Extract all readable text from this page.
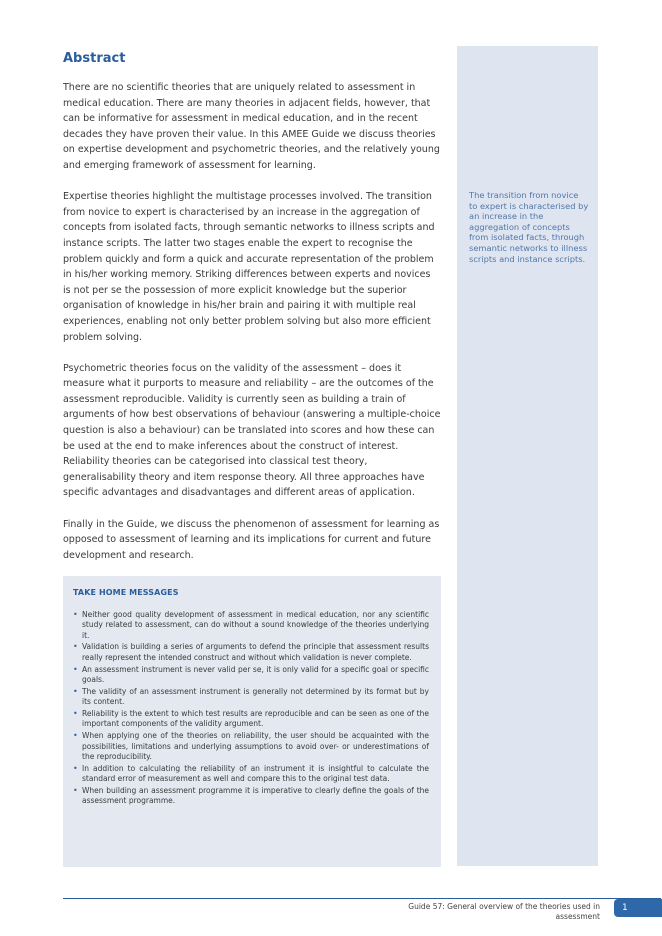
The transition from novice to expert is characterised by an increase in the aggregation of concepts from isolated facts, through semantic networks to illness scripts and instance scripts.

Abstract

There are no scientific theories that are uniquely related to assessment in medical education. There are many theories in adjacent fields, however, that can be informative for assessment in medical education, and in the recent decades they have proven their value. In this AMEE Guide we discuss theories on expertise development and psychometric theories, and the relatively young and emerging framework of assessment for learning.

Expertise theories highlight the multistage processes involved. The transition from novice to expert is characterised by an increase in the aggregation of concepts from isolated facts, through semantic networks to illness scripts and instance scripts. The latter two stages enable the expert to recognise the problem quickly and form a quick and accurate representation of the problem in his/her working memory. Striking differences between experts and novices is not per se the possession of more explicit knowledge but the superior organisation of knowledge in his/her brain and pairing it with multiple real experiences, enabling not only better problem solving but also more efficient problem solving.

Psychometric theories focus on the validity of the assessment – does it measure what it purports to measure and reliability – are the outcomes of the assessment reproducible. Validity is currently seen as building a train of arguments of how best observations of behaviour (answering a multiple-choice question is also a behaviour) can be translated into scores and how these can be used at the end to make inferences about the construct of interest. Reliability theories can be categorised into classical test theory, generalisability theory and item response theory. All three approaches have specific advantages and disadvantages and different areas of application.

Finally in the Guide, we discuss the phenomenon of assessment for learning as opposed to assessment of learning and its implications for current and future development and research.

TAKE HOME MESSAGES
• Neither good quality development of assessment in medical education, nor any scientific study related to assessment, can do without a sound knowledge of the theories underlying it.
• Validation is building a series of arguments to defend the principle that assessment results really represent the intended construct and without which validation is never complete.
• An assessment instrument is never valid per se, it is only valid for a specific goal or specific goals.
• The validity of an assessment instrument is generally not determined by its format but by its content.
• Reliability is the extent to which test results are reproducible and can be seen as one of the important components of the validity argument.
• When applying one of the theories on reliability, the user should be acquainted with the possibilities, limitations and underlying assumptions to avoid over- or underestimations of the reproducibility.
• In addition to calculating the reliability of an instrument it is insightful to calculate the standard error of measurement as well and compare this to the original test data.
• When building an assessment programme it is imperative to clearly define the goals of the assessment programme.
Guide 57: General overview of the theories used in assessment
1
